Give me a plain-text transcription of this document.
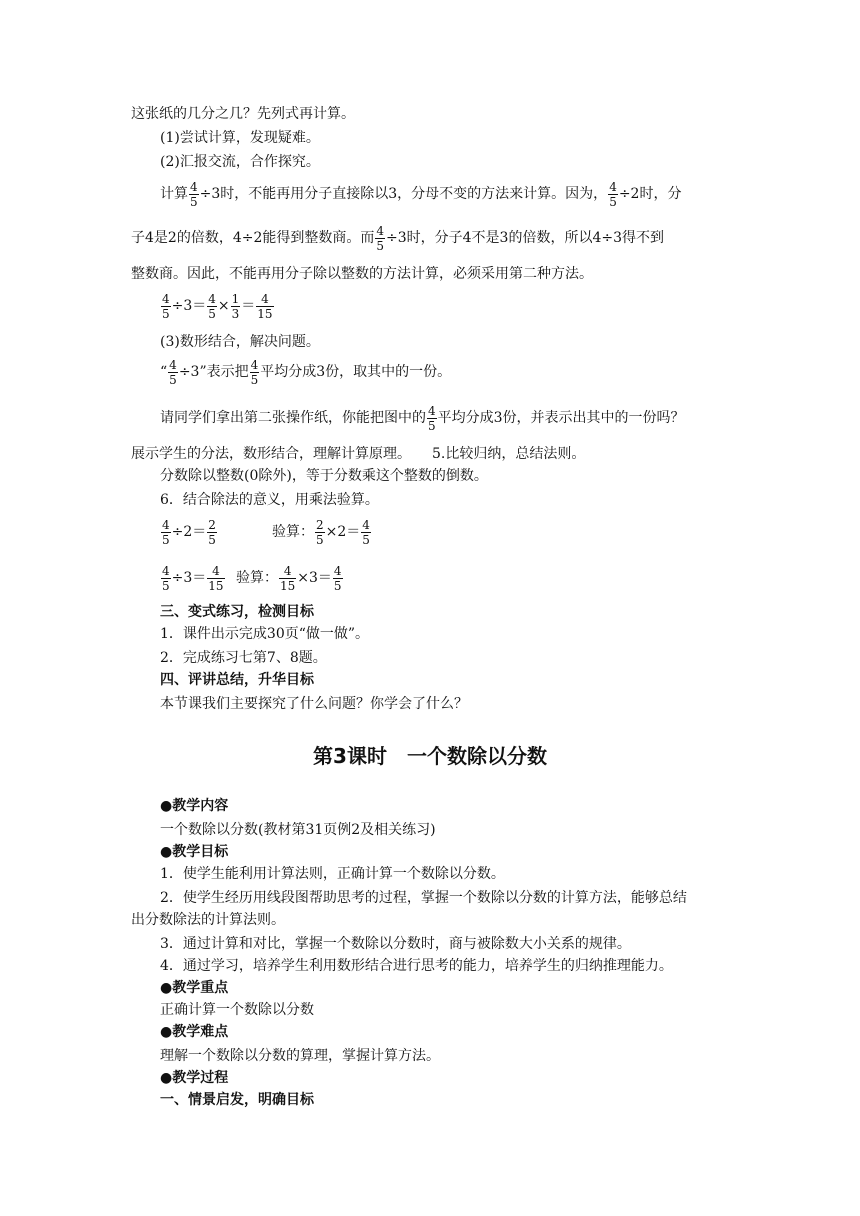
这张纸的几分之几？先列式再计算。
(1)尝试计算，发现疑难。
(2)汇报交流，合作探究。
计算 $\frac{4}{5} \div 3$时，不能再用分子直接除以3，分母不变的方法来计算。因为， $\frac{4}{5} \div 2$时，分
子4是2的倍数，4÷2能得到整数商。而 $\frac{4}{5} \div 3$时，分子4不是3的倍数，所以4÷3得不到
整数商。因此，不能再用分子除以整数的方法计算，必须采用第二种方法。
$\frac{4}{5} \div 3= \frac{4}{5} \times \frac{1}{3} = \frac{4}{15}$
(3)数形结合，解决问题。
“ $\frac{4}{5} \div 3$”表示把 $\frac{4}{5}$ 平均分成3份，取其中的一份。
请同学们拿出第二张操作纸，你能把图中的 $\frac{4}{5}$ 平均分成3份，并表示出其中的一份吗？
展示学生的分法，数形结合，理解计算原理。　　5.比较归纳，总结法则。
分数除以整数(0除外)，等于分数乘这个整数的倒数。
6．结合除法的意义，用乘法验算。
$\frac{4}{5} \div 2= \frac{2}{5}$	验算： $\frac{2}{5} \times 2= \frac{4}{5}$
$\frac{4}{5} \div 3= \frac{4}{15}$ 验算： $\frac{4}{15} \times 3= \frac{4}{5}$
三、变式练习，检测目标
1．课件出示完成30页“做一做”。
2．完成练习七第7、8题。
四、评讲总结，升华目标
本节课我们主要探究了什么问题？你学会了什么？
第3课时　一个数除以分数
●教学内容
一个数除以分数(教材第31页例2及相关练习)
●教学目标
1．使学生能利用计算法则，正确计算一个数除以分数。
2．使学生经历用线段图帮助思考的过程，掌握一个数除以分数的计算方法，能够总结
出分数除法的计算法则。
3．通过计算和对比，掌握一个数除以分数时，商与被除数大小关系的规律。
4．通过学习，培养学生利用数形结合进行思考的能力，培养学生的归纳推理能力。
●教学重点
正确计算一个数除以分数
●教学难点
理解一个数除以分数的算理，掌握计算方法。
●教学过程
一、情景启发，明确目标
